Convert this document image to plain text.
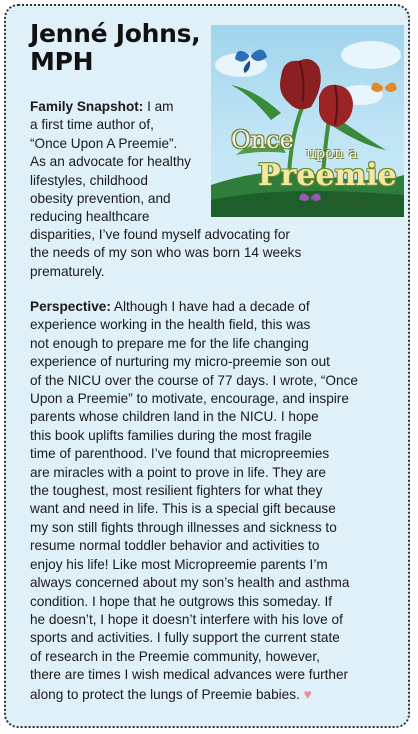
Jenné Johns,
MPH
Once upon a
Preemie
Jenné Johns
Family Snapshot: I am
a first time author of,
“Once Upon A Preemie”.
As an advocate for healthy
lifestyles, childhood
obesity prevention, and
reducing healthcare
disparities, I’ve found myself advocating for
the needs of my son who was born 14 weeks
prematurely.
Perspective: Although I have had a decade of
experience working in the health field, this was
not enough to prepare me for the life changing
experience of nurturing my micro-preemie son out
of the NICU over the course of 77 days. I wrote, “Once
Upon a Preemie” to motivate, encourage, and inspire
parents whose children land in the NICU. I hope
this book uplifts families during the most fragile
time of parenthood. I’ve found that micropreemies
are miracles with a point to prove in life. They are
the toughest, most resilient fighters for what they
want and need in life. This is a special gift because
my son still fights through illnesses and sickness to
resume normal toddler behavior and activities to
enjoy his life! Like most Micropreemie parents I’m
always concerned about my son’s health and asthma
condition. I hope that he outgrows this someday. If
he doesn’t, I hope it doesn’t interfere with his love of
sports and activities. I fully support the current state
of research in the Preemie community, however,
there are times I wish medical advances were further
along to protect the lungs of Preemie babies. ♥
